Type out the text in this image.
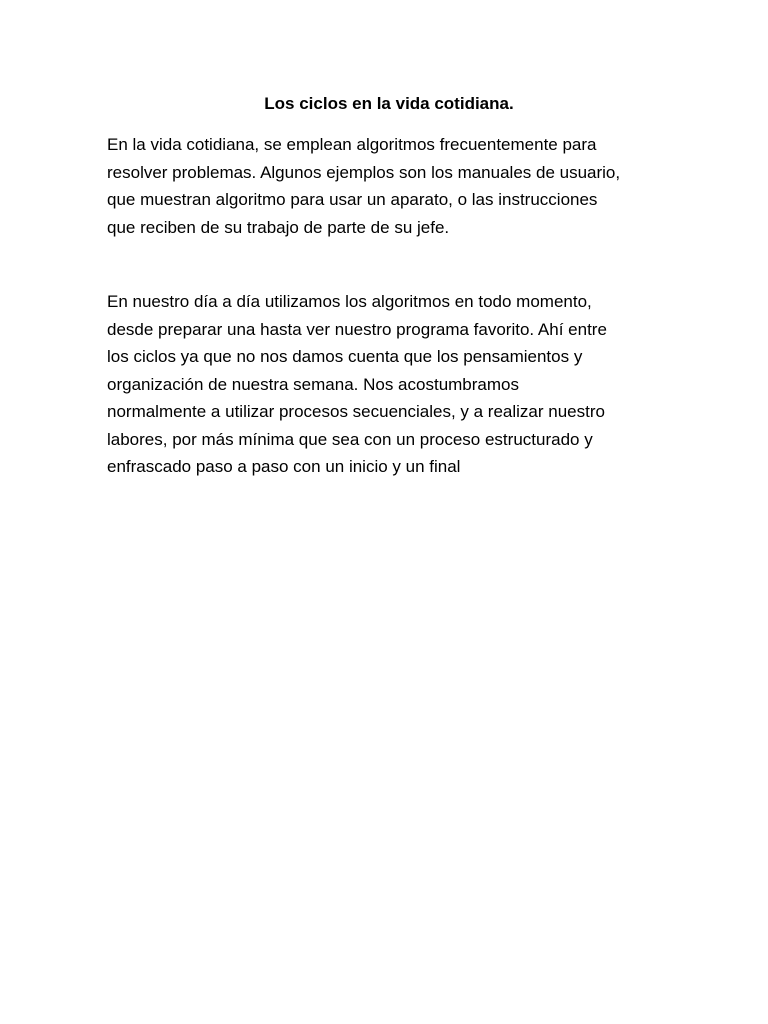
Los ciclos en la vida cotidiana.

En la vida cotidiana, se emplean algoritmos frecuentemente para
resolver problemas. Algunos ejemplos son los manuales de usuario,
que muestran algoritmo para usar un aparato, o las instrucciones
que reciben de su trabajo de parte de su jefe.

En nuestro día a día utilizamos los algoritmos en todo momento,
desde preparar una hasta ver nuestro programa favorito. Ahí entre
los ciclos ya que no nos damos cuenta que los pensamientos y
organización de nuestra semana. Nos acostumbramos
normalmente a utilizar procesos secuenciales, y a realizar nuestro
labores, por más mínima que sea con un proceso estructurado y
enfrascado paso a paso con un inicio y un final
